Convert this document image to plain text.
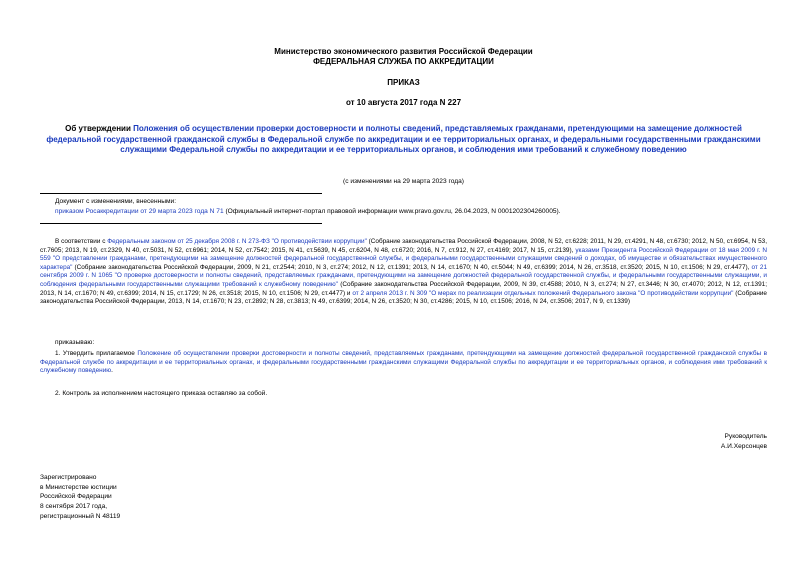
Министерство экономического развития Российской Федерации
ФЕДЕРАЛЬНАЯ СЛУЖБА ПО АККРЕДИТАЦИИ
ПРИКАЗ
от 10 августа 2017 года N 227
Об утверждении Положения об осуществлении проверки достоверности и полноты сведений, представляемых гражданами, претендующими на замещение должностей федеральной государственной гражданской службы в Федеральной службе по аккредитации и ее территориальных органах, и федеральными государственными гражданскими служащими Федеральной службы по аккредитации и ее территориальных органов, и соблюдения ими требований к служебному поведению
(с изменениями на 29 марта 2023 года)
Документ с изменениями, внесенными:
приказом Росаккредитации от 29 марта 2023 года N 71 (Официальный интернет-портал правовой информации www.pravo.gov.ru, 26.04.2023, N 0001202304260005).
В соответствии с Федеральным законом от 25 декабря 2008 г. N 273-ФЗ "О противодействии коррупции" (Собрание законодательства Российской Федерации, 2008, N 52, ст.6228; 2011, N 29, ст.4291, N 48, ст.6730; 2012, N 50, ст.6954, N 53, ст.7605; 2013, N 19, ст.2329, N 40, ст.5031, N 52, ст.6961; 2014, N 52, ст.7542; 2015, N 41, ст.5639, N 45, ст.6204, N 48, ст.6720; 2016, N 7, ст.912, N 27, ст.4169; 2017, N 15, ст.2139), указами Президента Российской Федерации от 18 мая 2009 г. N 559 "О представлении гражданами, претендующими на замещение должностей федеральной государственной службы, и федеральными государственными служащими сведений о доходах, об имуществе и обязательствах имущественного характера" (Собрание законодательства Российской Федерации, 2009, N 21, ст.2544; 2010, N 3, ст.274; 2012, N 12, ст.1391; 2013, N 14, ст.1670; N 40, ст.5044; N 49, ст.6399; 2014, N 26, ст.3518, ст.3520; 2015, N 10, ст.1506; N 29, ст.4477), от 21 сентября 2009 г. N 1065 "О проверке достоверности и полноты сведений, представляемых гражданами, претендующими на замещение должностей федеральной государственной службы, и федеральными государственными служащими, и соблюдения федеральными государственными служащими требований к служебному поведению" (Собрание законодательства Российской Федерации, 2009, N 39, ст.4588; 2010, N 3, ст.274; N 27, ст.3446; N 30, ст.4070; 2012, N 12, ст.1391; 2013, N 14, ст.1670; N 49, ст.6399; 2014, N 15, ст.1729; N 26, ст.3518; 2015, N 10, ст.1506; N 29, ст.4477) и от 2 апреля 2013 г. N 309 "О мерах по реализации отдельных положений Федерального закона "О противодействии коррупции" (Собрание законодательства Российской Федерации, 2013, N 14, ст.1670; N 23, ст.2892; N 28, ст.3813; N 49, ст.6399; 2014, N 26, ст.3520; N 30, ст.4286; 2015, N 10, ст.1506; 2016, N 24, ст.3506; 2017, N 9, ст.1339)
приказываю:
1. Утвердить прилагаемое Положение об осуществлении проверки достоверности и полноты сведений, представляемых гражданами, претендующими на замещение должностей федеральной государственной гражданской службы в Федеральной службе по аккредитации и ее территориальных органах, и федеральными государственными гражданскими служащими Федеральной службы по аккредитации и ее территориальных органов, и соблюдения ими требований к служебному поведению.
2. Контроль за исполнением настоящего приказа оставляю за собой.
Руководитель
А.И.Херсонцев
Зарегистрировано
в Министерстве юстиции
Российской Федерации
8 сентября 2017 года,
регистрационный N 48119
